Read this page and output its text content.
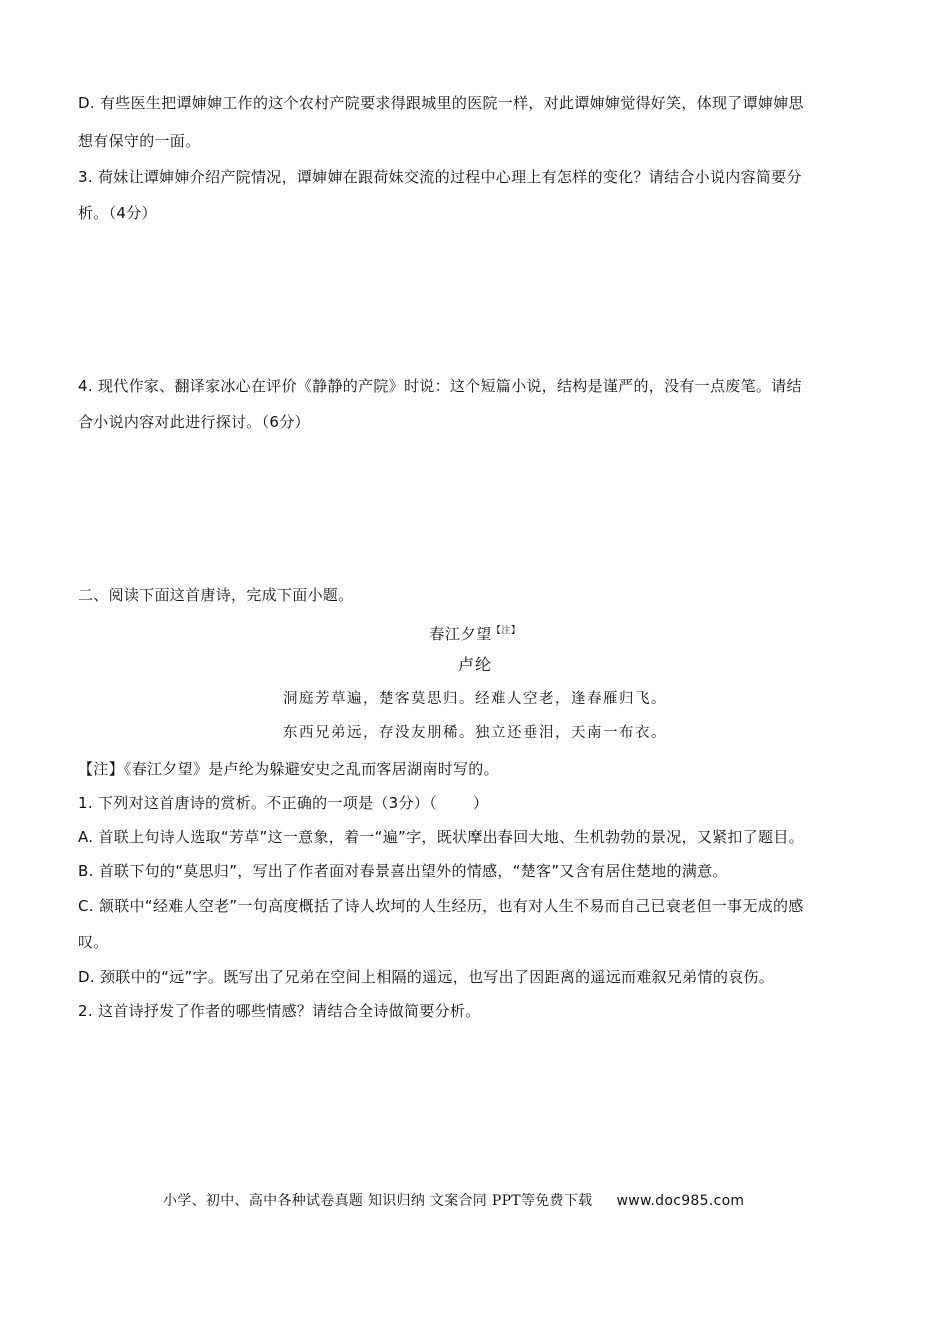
D. 有些医生把谭婶婶工作的这个农村产院要求得跟城里的医院一样，对此谭婶婶觉得好笑，体现了谭婶婶思
想有保守的一面。
3. 荷妹让谭婶婶介绍产院情况，谭婶婶在跟荷妹交流的过程中心理上有怎样的变化？请结合小说内容简要分
析。（4分）
4. 现代作家、翻译家冰心在评价《静静的产院》时说：这个短篇小说，结构是谨严的，没有一点废笔。请结
合小说内容对此进行探讨。（6分）
二、阅读下面这首唐诗，完成下面小题。
春江夕望$^{【注】}$
卢纶
洞庭芳草遍，楚客莫思归。经难人空老，逢春雁归飞。
东西兄弟远，存没友朋稀。独立还垂泪，天南一布衣。
【注】《春江夕望》是卢纶为躲避安史之乱而客居湖南时写的。
1. 下列对这首唐诗的赏析。不正确的一项是（3分）（ ）
A. 首联上句诗人选取“芳草”这一意象，着一“遍”字，既状摩出春回大地、生机勃勃的景况，又紧扣了题目。
B. 首联下句的“莫思归”，写出了作者面对春景喜出望外的情感，“楚客”又含有居住楚地的满意。
C. 颔联中“经难人空老”一句高度概括了诗人坎坷的人生经历，也有对人生不易而自己已衰老但一事无成的感
叹。
D. 颈联中的“远”字。既写出了兄弟在空间上相隔的遥远，也写出了因距离的遥远而难叙兄弟情的哀伤。
2. 这首诗抒发了作者的哪些情感？请结合全诗做简要分析。
小学、初中、高中各种试卷真题 知识归纳 文案合同 PPT等免费下载 www.doc985.com
